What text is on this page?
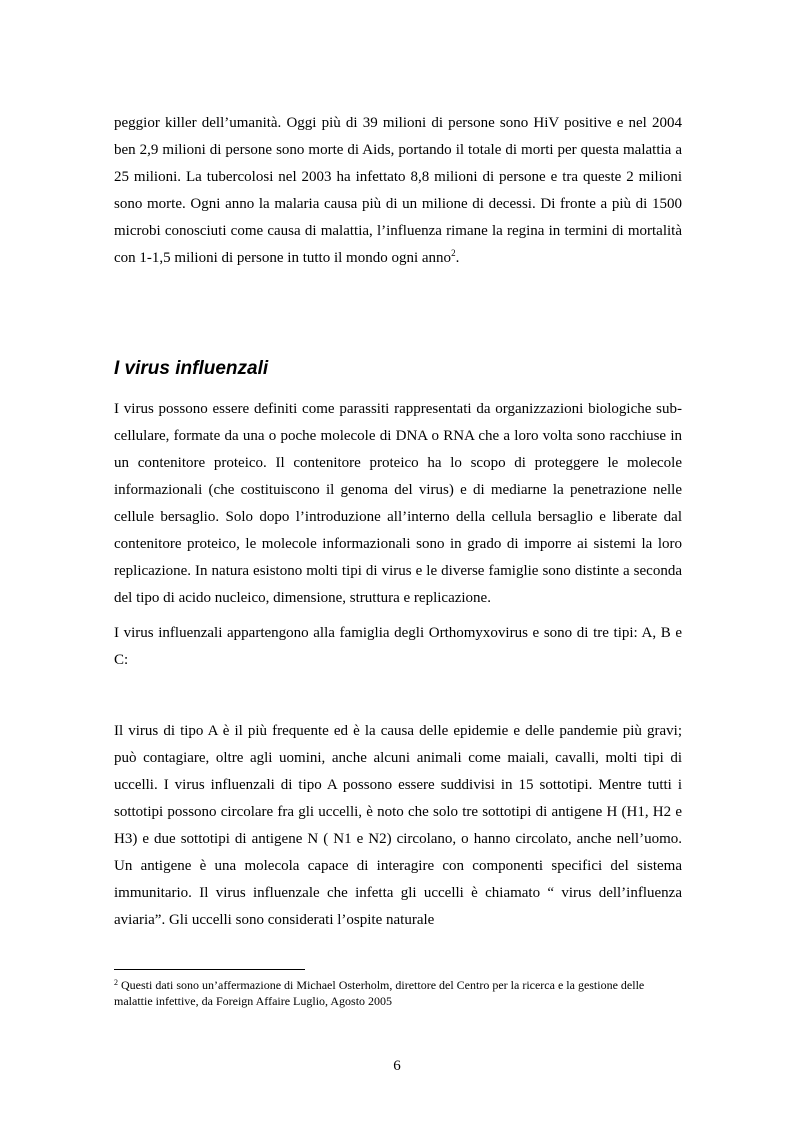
peggior killer dell’umanità. Oggi più di 39 milioni di persone sono HiV positive e nel 2004 ben 2,9 milioni di persone sono morte di Aids, portando il totale di morti per questa malattia a 25 milioni. La tubercolosi nel 2003 ha infettato 8,8 milioni di persone e tra queste 2 milioni sono morte. Ogni anno la malaria causa più di un milione di decessi. Di fronte a più di 1500 microbi conosciuti come causa di malattia, l’influenza rimane la regina in termini di mortalità con 1-1,5 milioni di persone in tutto il mondo ogni anno$^2$.

I virus influenzali

I virus possono essere definiti come parassiti rappresentati da organizzazioni biologiche sub-cellulare, formate da una o poche molecole di DNA o RNA che a loro volta sono racchiuse in un contenitore proteico. Il contenitore proteico ha lo scopo di proteggere le molecole informazionali (che costituiscono il genoma del virus) e di mediarne la penetrazione nelle cellule bersaglio. Solo dopo l’introduzione all’interno della cellula bersaglio e liberate dal contenitore proteico, le molecole informazionali sono in grado di imporre ai sistemi la loro replicazione. In natura esistono molti tipi di virus e le diverse famiglie sono distinte a seconda del tipo di acido nucleico, dimensione, struttura e replicazione.

I virus influenzali appartengono alla famiglia degli Orthomyxovirus e sono di tre tipi: A, B e C:

Il virus di tipo A è il più frequente ed è la causa delle epidemie e delle pandemie più gravi; può contagiare, oltre agli uomini, anche alcuni animali come maiali, cavalli, molti tipi di uccelli. I virus influenzali di tipo A possono essere suddivisi in 15 sottotipi. Mentre tutti i sottotipi possono circolare fra gli uccelli, è noto che solo tre sottotipi di antigene H (H1, H2 e H3) e due sottotipi di antigene N ( N1 e N2) circolano, o hanno circolato, anche nell’uomo. Un antigene è una molecola capace di interagire con componenti specifici del sistema immunitario. Il virus influenzale che infetta gli uccelli è chiamato “ virus dell’influenza aviaria”. Gli uccelli sono considerati l’ospite naturale

$^2$ Questi dati sono un’affermazione di Michael Osterholm, direttore del Centro per la ricerca e la gestione delle malattie infettive, da Foreign Affaire Luglio, Agosto 2005

6
